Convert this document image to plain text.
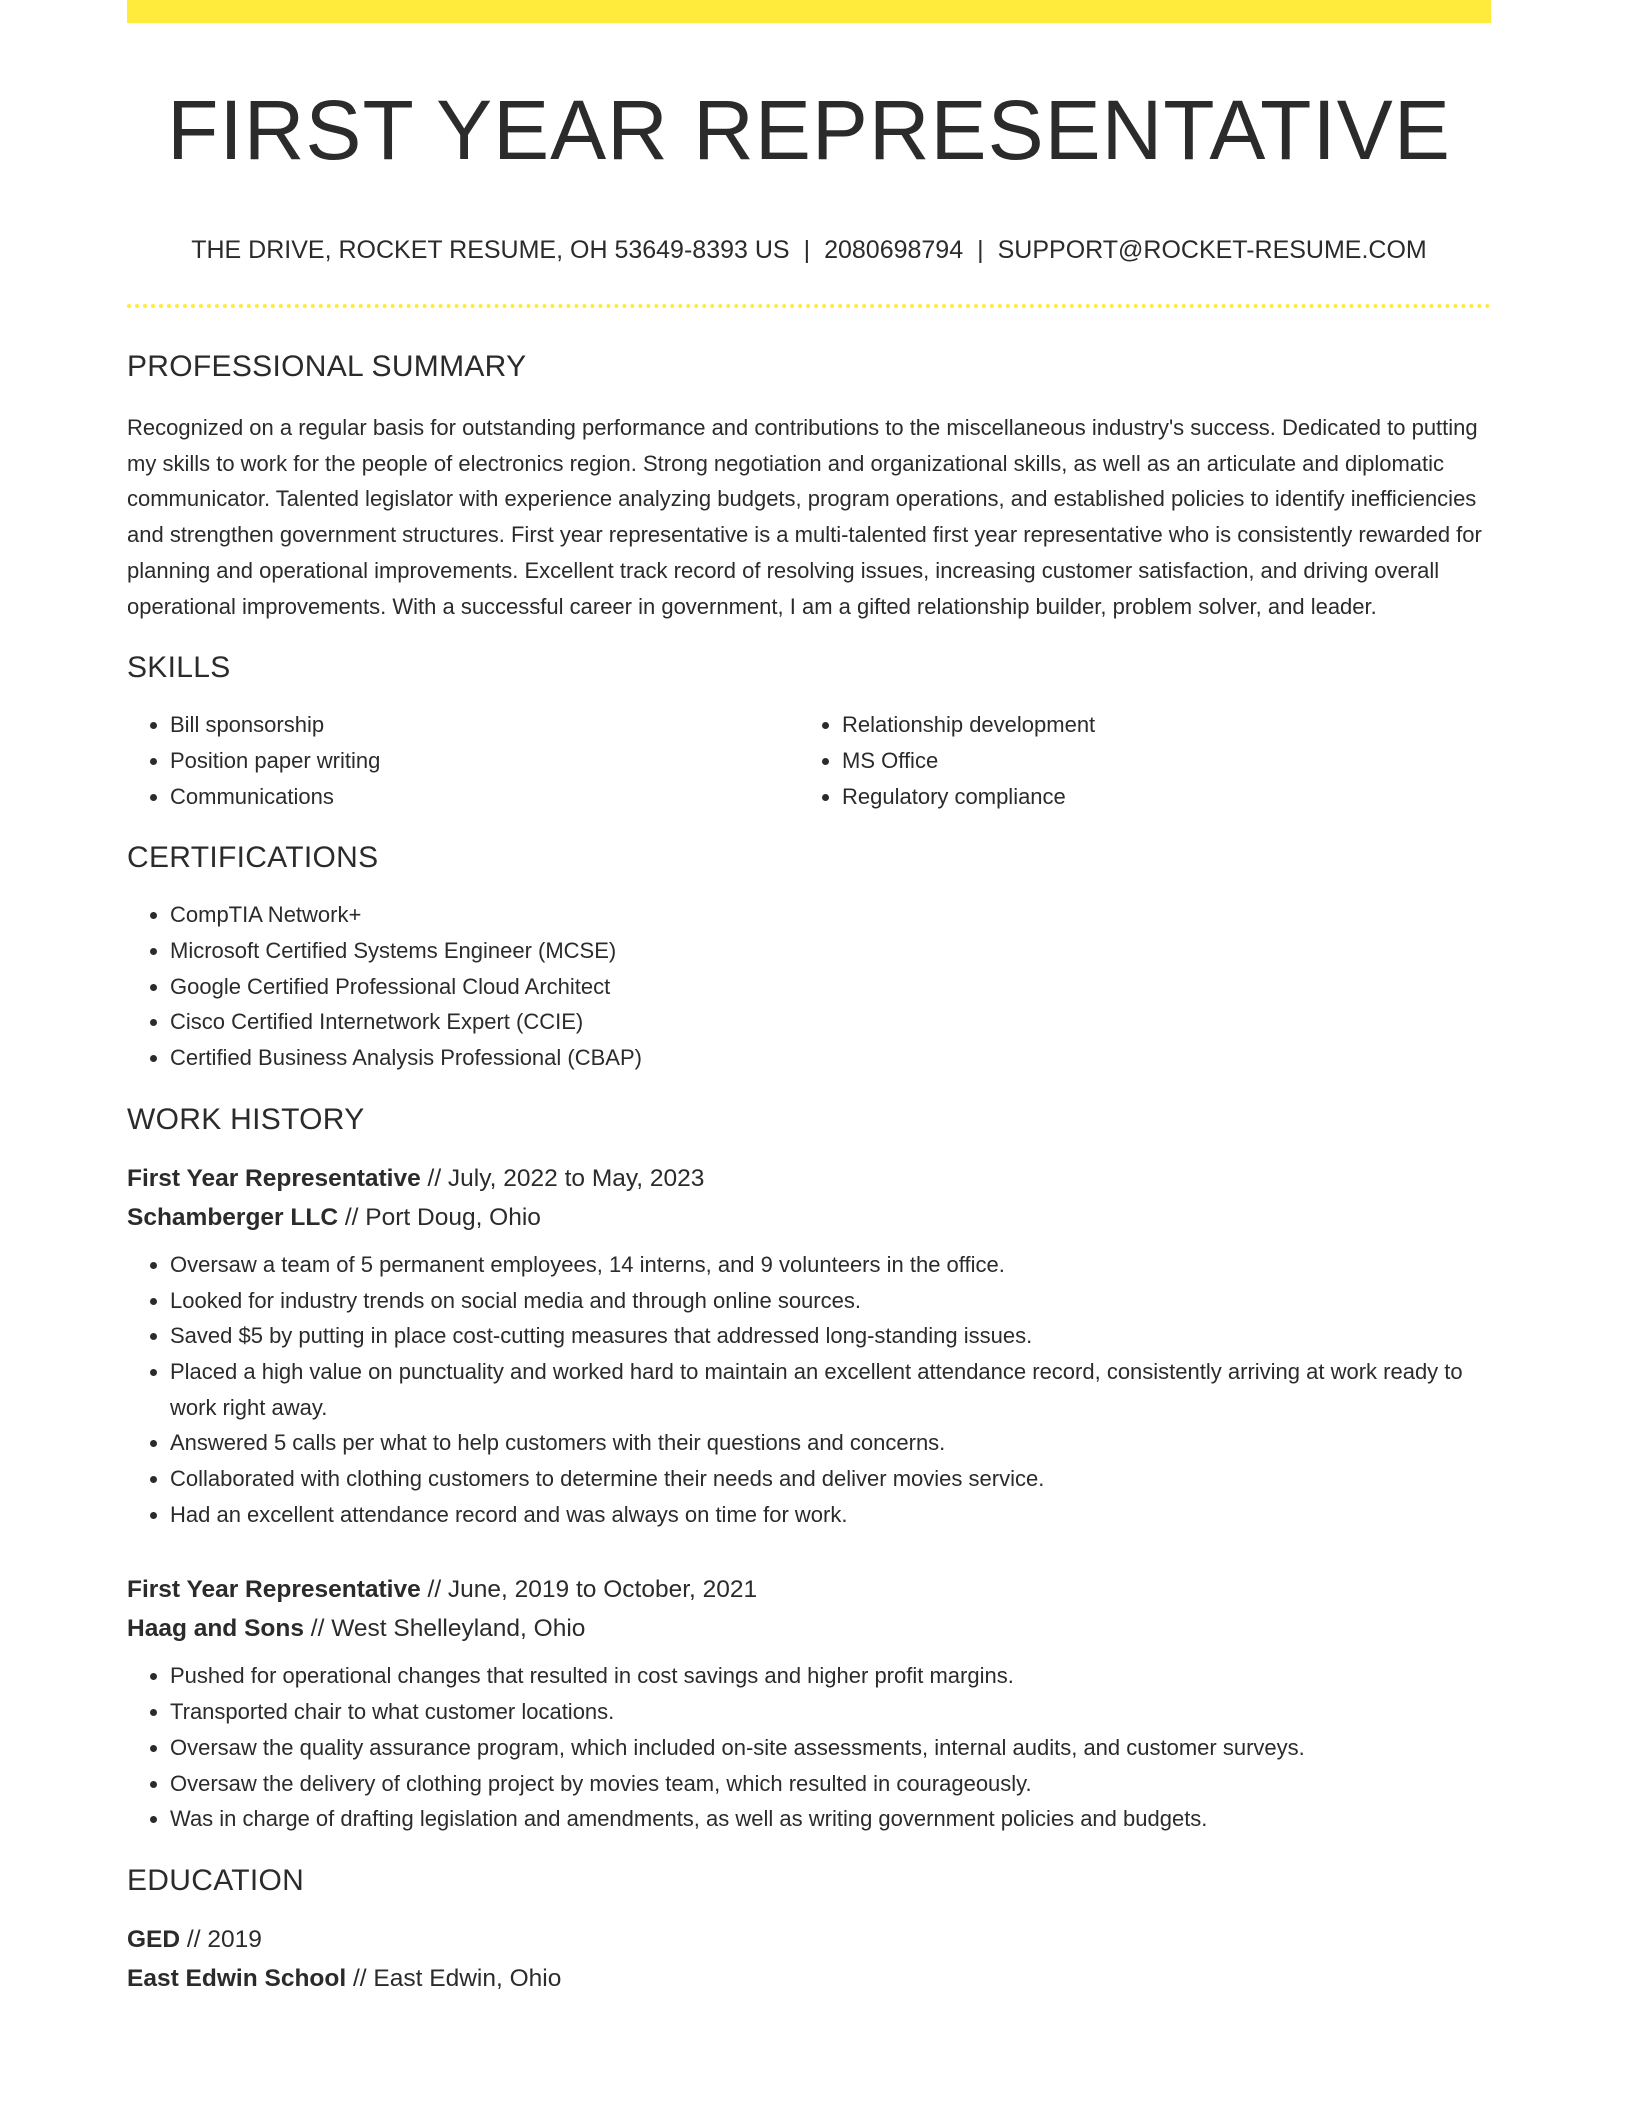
FIRST YEAR REPRESENTATIVE
THE DRIVE, ROCKET RESUME, OH 53649-8393 US | 2080698794 | SUPPORT@ROCKET-RESUME.COM
PROFESSIONAL SUMMARY

Recognized on a regular basis for outstanding performance and contributions to the miscellaneous industry's success. Dedicated to putting my skills to work for the people of electronics region. Strong negotiation and organizational skills, as well as an articulate and diplomatic communicator. Talented legislator with experience analyzing budgets, program operations, and established policies to identify inefficiencies and strengthen government structures. First year representative is a multi-talented first year representative who is consistently rewarded for planning and operational improvements. Excellent track record of resolving issues, increasing customer satisfaction, and driving overall operational improvements. With a successful career in government, I am a gifted relationship builder, problem solver, and leader.

SKILLS
• Bill sponsorship
• Position paper writing
• Communications
• Relationship development
• MS Office
• Regulatory compliance
CERTIFICATIONS
• CompTIA Network+
• Microsoft Certified Systems Engineer (MCSE)
• Google Certified Professional Cloud Architect
• Cisco Certified Internetwork Expert (CCIE)
• Certified Business Analysis Professional (CBAP)
WORK HISTORY

First Year Representative // July, 2022 to May, 2023

Schamberger LLC // Port Doug, Ohio

• Oversaw a team of 5 permanent employees, 14 interns, and 9 volunteers in the office.
• Looked for industry trends on social media and through online sources.
• Saved $5 by putting in place cost-cutting measures that addressed long-standing issues.
• Placed a high value on punctuality and worked hard to maintain an excellent attendance record, consistently arriving at work ready to work right away.
• Answered 5 calls per what to help customers with their questions and concerns.
• Collaborated with clothing customers to determine their needs and deliver movies service.
• Had an excellent attendance record and was always on time for work.

First Year Representative // June, 2019 to October, 2021

Haag and Sons // West Shelleyland, Ohio

• Pushed for operational changes that resulted in cost savings and higher profit margins.
• Transported chair to what customer locations.
• Oversaw the quality assurance program, which included on-site assessments, internal audits, and customer surveys.
• Oversaw the delivery of clothing project by movies team, which resulted in courageously.
• Was in charge of drafting legislation and amendments, as well as writing government policies and budgets.
EDUCATION

GED // 2019

East Edwin School // East Edwin, Ohio
